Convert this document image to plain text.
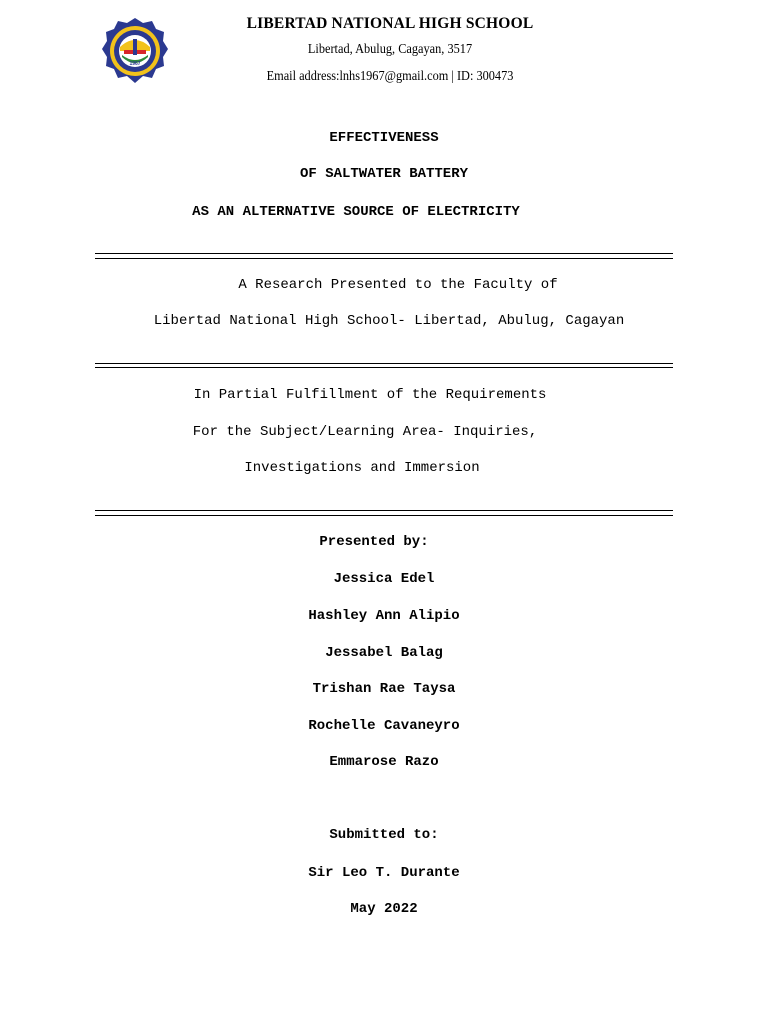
1967
LIBERTAD NATIONAL HIGH SCHOOL
Libertad, Abulug, Cagayan, 3517
Email address:lnhs1967@gmail.com | ID: 300473
EFFECTIVENESS
OF SALTWATER BATTERY
AS AN ALTERNATIVE SOURCE OF ELECTRICITY
A Research Presented to the Faculty of
Libertad National High School- Libertad, Abulug, Cagayan
In Partial Fulfillment of the Requirements
For the Subject/Learning Area- Inquiries,
Investigations and Immersion
Presented by:
Jessica Edel
Hashley Ann Alipio
Jessabel Balag
Trishan Rae Taysa
Rochelle Cavaneyro
Emmarose Razo
Submitted to:
Sir Leo T. Durante
May 2022
